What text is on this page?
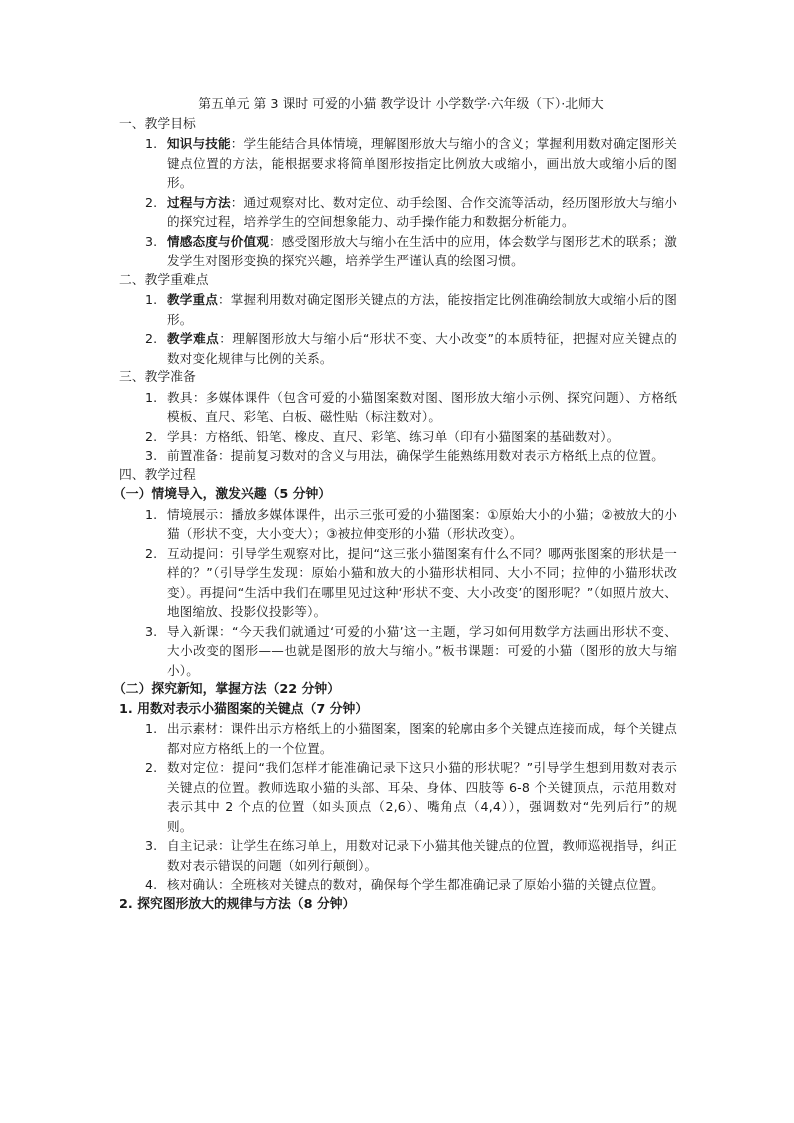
第五单元 第 3 课时 可爱的小猫 教学设计 小学数学·六年级（下）·北师大
一、教学目标
1. 知识与技能：学生能结合具体情境，理解图形放大与缩小的含义；掌握利用数对确定图形关键点位置的方法，能根据要求将简单图形按指定比例放大或缩小，画出放大或缩小后的图形。
2. 过程与方法：通过观察对比、数对定位、动手绘图、合作交流等活动，经历图形放大与缩小的探究过程，培养学生的空间想象能力、动手操作能力和数据分析能力。
3. 情感态度与价值观：感受图形放大与缩小在生活中的应用，体会数学与图形艺术的联系；激发学生对图形变换的探究兴趣，培养学生严谨认真的绘图习惯。
二、教学重难点
1. 教学重点：掌握利用数对确定图形关键点的方法，能按指定比例准确绘制放大或缩小后的图形。
2. 教学难点：理解图形放大与缩小后“形状不变、大小改变”的本质特征，把握对应关键点的数对变化规律与比例的关系。
三、教学准备
1. 教具：多媒体课件（包含可爱的小猫图案数对图、图形放大缩小示例、探究问题）、方格纸模板、直尺、彩笔、白板、磁性贴（标注数对）。
2. 学具：方格纸、铅笔、橡皮、直尺、彩笔、练习单（印有小猫图案的基础数对）。
3. 前置准备：提前复习数对的含义与用法，确保学生能熟练用数对表示方格纸上点的位置。
四、教学过程
（一）情境导入，激发兴趣（5 分钟）
1. 情境展示：播放多媒体课件，出示三张可爱的小猫图案：①原始大小的小猫；②被放大的小猫（形状不变，大小变大）；③被拉伸变形的小猫（形状改变）。
2. 互动提问：引导学生观察对比，提问“这三张小猫图案有什么不同？哪两张图案的形状是一样的？”（引导学生发现：原始小猫和放大的小猫形状相同、大小不同；拉伸的小猫形状改变）。再提问“生活中我们在哪里见过这种‘形状不变、大小改变’的图形呢？”（如照片放大、地图缩放、投影仪投影等）。
3. 导入新课：“今天我们就通过‘可爱的小猫’这一主题，学习如何用数学方法画出形状不变、大小改变的图形——也就是图形的放大与缩小。”板书课题：可爱的小猫（图形的放大与缩小）。
（二）探究新知，掌握方法（22 分钟）
1. 用数对表示小猫图案的关键点（7 分钟）
1. 出示素材：课件出示方格纸上的小猫图案，图案的轮廓由多个关键点连接而成，每个关键点都对应方格纸上的一个位置。
2. 数对定位：提问“我们怎样才能准确记录下这只小猫的形状呢？”引导学生想到用数对表示关键点的位置。教师选取小猫的头部、耳朵、身体、四肢等 6-8 个关键顶点，示范用数对表示其中 2 个点的位置（如头顶点（2,6）、嘴角点（4,4）），强调数对“先列后行”的规则。
3. 自主记录：让学生在练习单上，用数对记录下小猫其他关键点的位置，教师巡视指导，纠正数对表示错误的问题（如列行颠倒）。
4. 核对确认：全班核对关键点的数对，确保每个学生都准确记录了原始小猫的关键点位置。
2. 探究图形放大的规律与方法（8 分钟）
